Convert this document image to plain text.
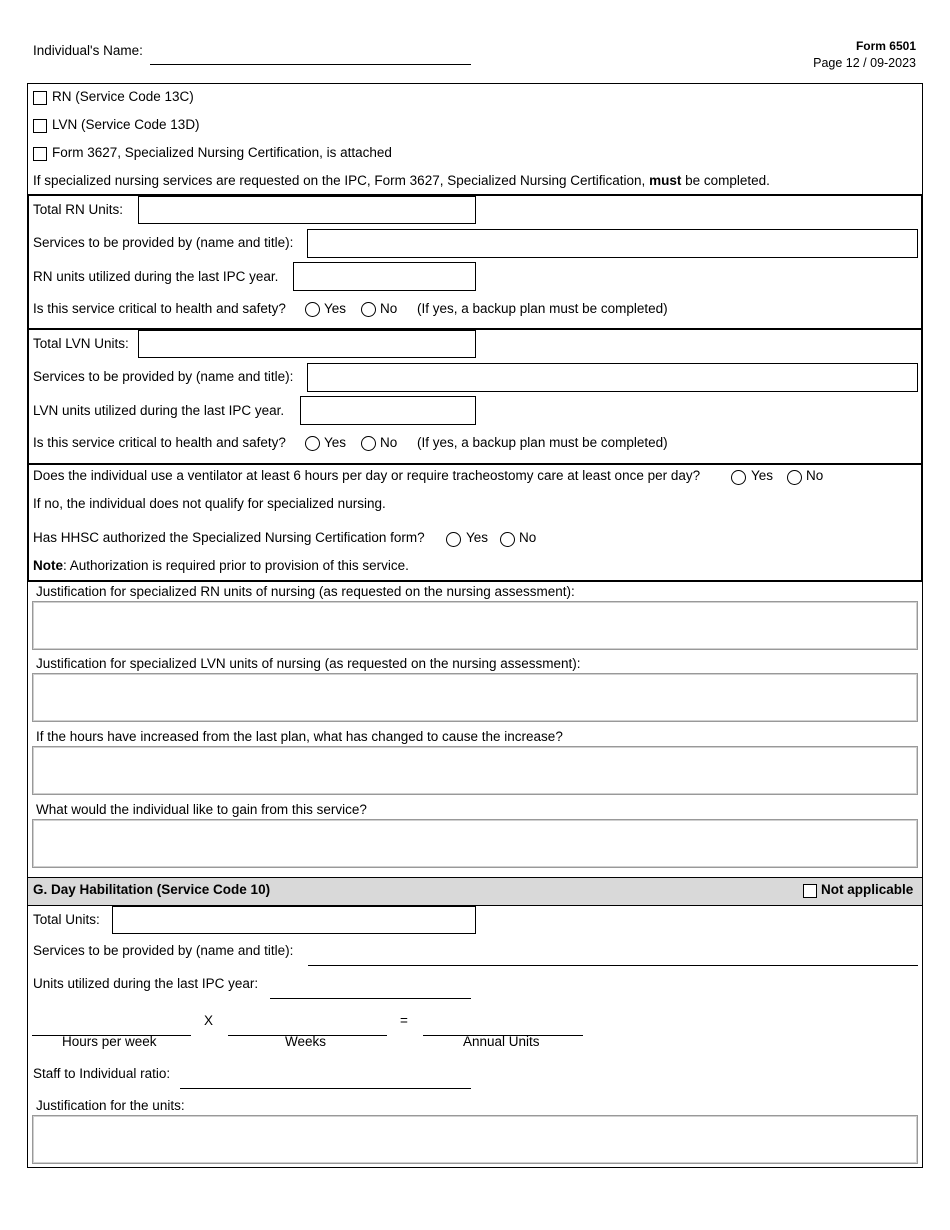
Individual's Name:	Form 6501
Page 12 / 09-2023
RN (Service Code 13C)
LVN (Service Code 13D)
Form 3627, Specialized Nursing Certification, is attached
If specialized nursing services are requested on the IPC, Form 3627, Specialized Nursing Certification, must be completed.
Total RN Units:
Services to be provided by (name and title):
RN units utilized during the last IPC year.
Is this service critical to health and safety?	Yes	No (If yes, a backup plan must be completed)
Total LVN Units:
Services to be provided by (name and title):
LVN units utilized during the last IPC year.
Is this service critical to health and safety?	Yes	No (If yes, a backup plan must be completed)
Does the individual use a ventilator at least 6 hours per day or require tracheostomy care at least once per day?	Yes No
If no, the individual does not qualify for specialized nursing.
Has HHSC authorized the Specialized Nursing Certification form?	Yes No
Note: Authorization is required prior to provision of this service.
Justification for specialized RN units of nursing (as requested on the nursing assessment):
Justification for specialized LVN units of nursing (as requested on the nursing assessment):
If the hours have increased from the last plan, what has changed to cause the increase?
What would the individual like to gain from this service?
G. Day Habilitation (Service Code 10)	Not applicable
Total Units:
Services to be provided by (name and title):
Units utilized during the last IPC year:
X	=
Hours per week	Weeks	Annual Units
Staff to Individual ratio:
Justification for the units:
